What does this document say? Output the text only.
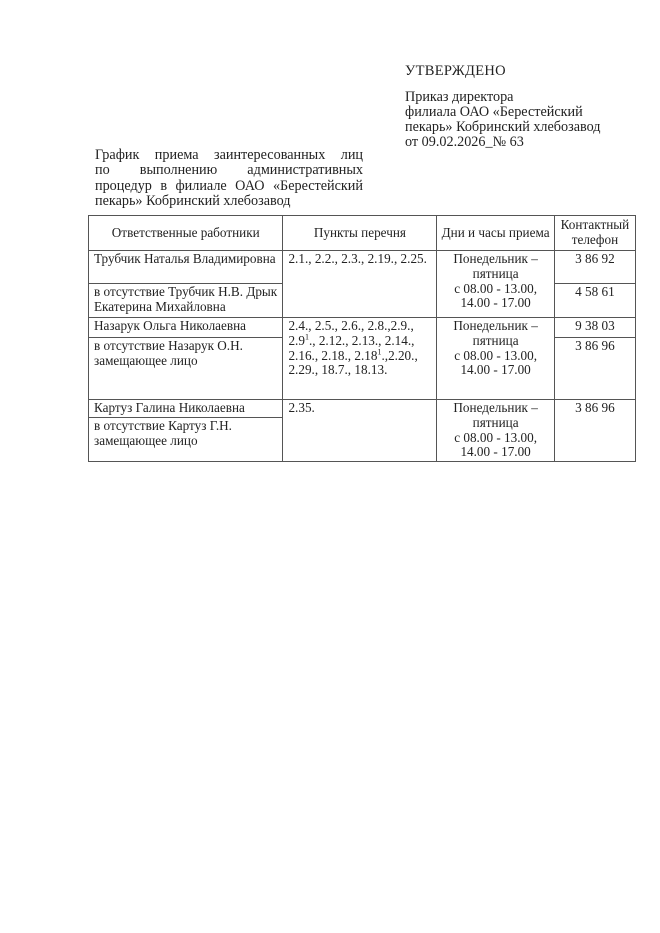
УТВЕРЖДЕНО
Приказ директора
филиала ОАО «Берестейский
пекарь» Кобринский хлебозавод
от 09.02.2026_№ 63
График приема заинтересованных лиц
по выполнению административных
процедур в филиале ОАО «Берестейский
пекарь» Кобринский хлебозавод
Ответственные работники	Пункты перечня	Дни и часы приема	Контактный телефон
Трубчик Наталья Владимировна	2.1., 2.2., 2.3., 2.19., 2.25.	Понедельник –
пятница
с 08.00 - 13.00,
14.00 - 17.00	3 86 92
в отсутствие Трубчик Н.В. Дрык Екатерина Михайловна			4 58 61
Назарук Ольга Николаевна	2.4., 2.5., 2.6., 2.8.,2.9., $2.9^1$., 2.12., 2.13., 2.14., 2.16., 2.18., 2.18$^1$.,2.20., 2.29., 18.7., 18.13.	Понедельник –
пятница
с 08.00 - 13.00,
14.00 - 17.00	9 38 03
в отсутствие Назарук О.Н. замещающее лицо			3 86 96
Картуз Галина Николаевна	2.35.	Понедельник –
пятница
с 08.00 - 13.00,
14.00 - 17.00	3 86 96
в отсутствие Картуз Г.Н. замещающее лицо			
